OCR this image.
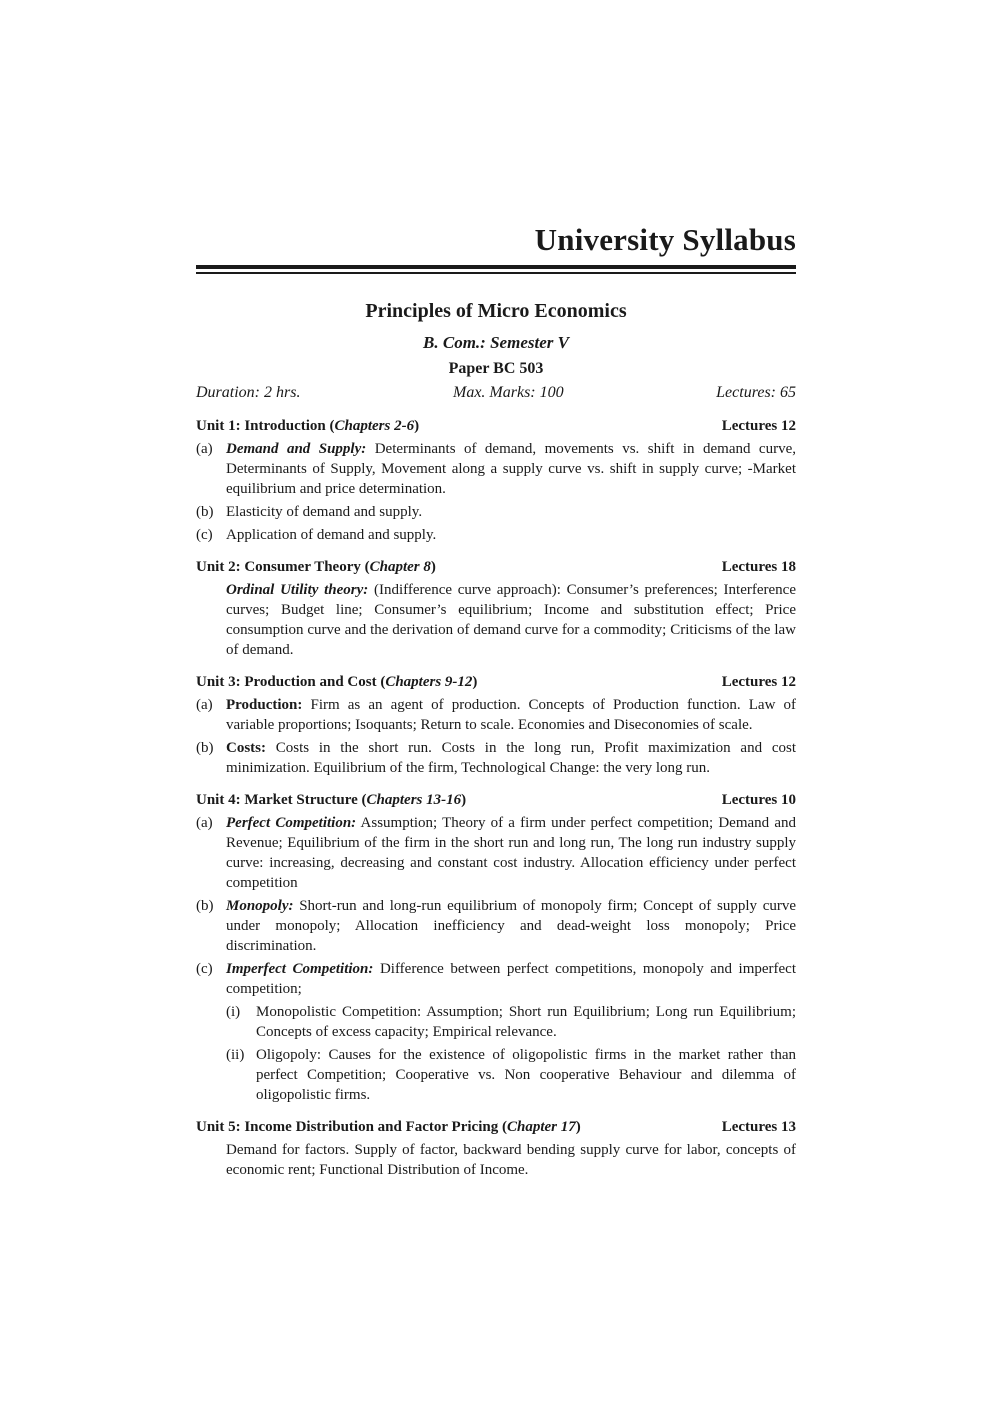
University Syllabus
Principles of Micro Economics
B. Com.: Semester V
Paper BC 503
Duration: 2 hrs.	Max. Marks: 100	Lectures: 65
Unit 1: Introduction (Chapters 2-6)	Lectures 12
(a) Demand and Supply: Determinants of demand, movements vs. shift in demand curve, Determinants of Supply, Movement along a supply curve vs. shift in supply curve; -Market equilibrium and price determination.
(b) Elasticity of demand and supply.
(c) Application of demand and supply.
Unit 2: Consumer Theory (Chapter 8)	Lectures 18
Ordinal Utility theory: (Indifference curve approach): Consumer’s preferences; Interference curves; Budget line; Consumer’s equilibrium; Income and substitution effect; Price consumption curve and the derivation of demand curve for a commodity; Criticisms of the law of demand.
Unit 3: Production and Cost (Chapters 9-12)	Lectures 12
(a) Production: Firm as an agent of production. Concepts of Production function. Law of variable proportions; Isoquants; Return to scale. Economies and Diseconomies of scale.
(b) Costs: Costs in the short run. Costs in the long run, Profit maximization and cost minimization. Equilibrium of the firm, Technological Change: the very long run.
Unit 4: Market Structure (Chapters 13-16)	Lectures 10
(a) Perfect Competition: Assumption; Theory of a firm under perfect competition; Demand and Revenue; Equilibrium of the firm in the short run and long run, The long run industry supply curve: increasing, decreasing and constant cost industry. Allocation efficiency under perfect competition
(b) Monopoly: Short-run and long-run equilibrium of monopoly firm; Concept of supply curve under monopoly; Allocation inefficiency and dead-weight loss monopoly; Price discrimination.
(c) Imperfect Competition: Difference between perfect competitions, monopoly and imperfect competition;
(i)	Monopolistic Competition: Assumption; Short run Equilibrium; Long run Equilibrium; Concepts of excess capacity; Empirical relevance.
(ii) Oligopoly: Causes for the existence of oligopolistic firms in the market rather than perfect Competition; Cooperative vs. Non cooperative Behaviour and dilemma of oligopolistic firms.
Unit 5: Income Distribution and Factor Pricing (Chapter 17)	Lectures 13
Demand for factors. Supply of factor, backward bending supply curve for labor, concepts of economic rent; Functional Distribution of Income.
